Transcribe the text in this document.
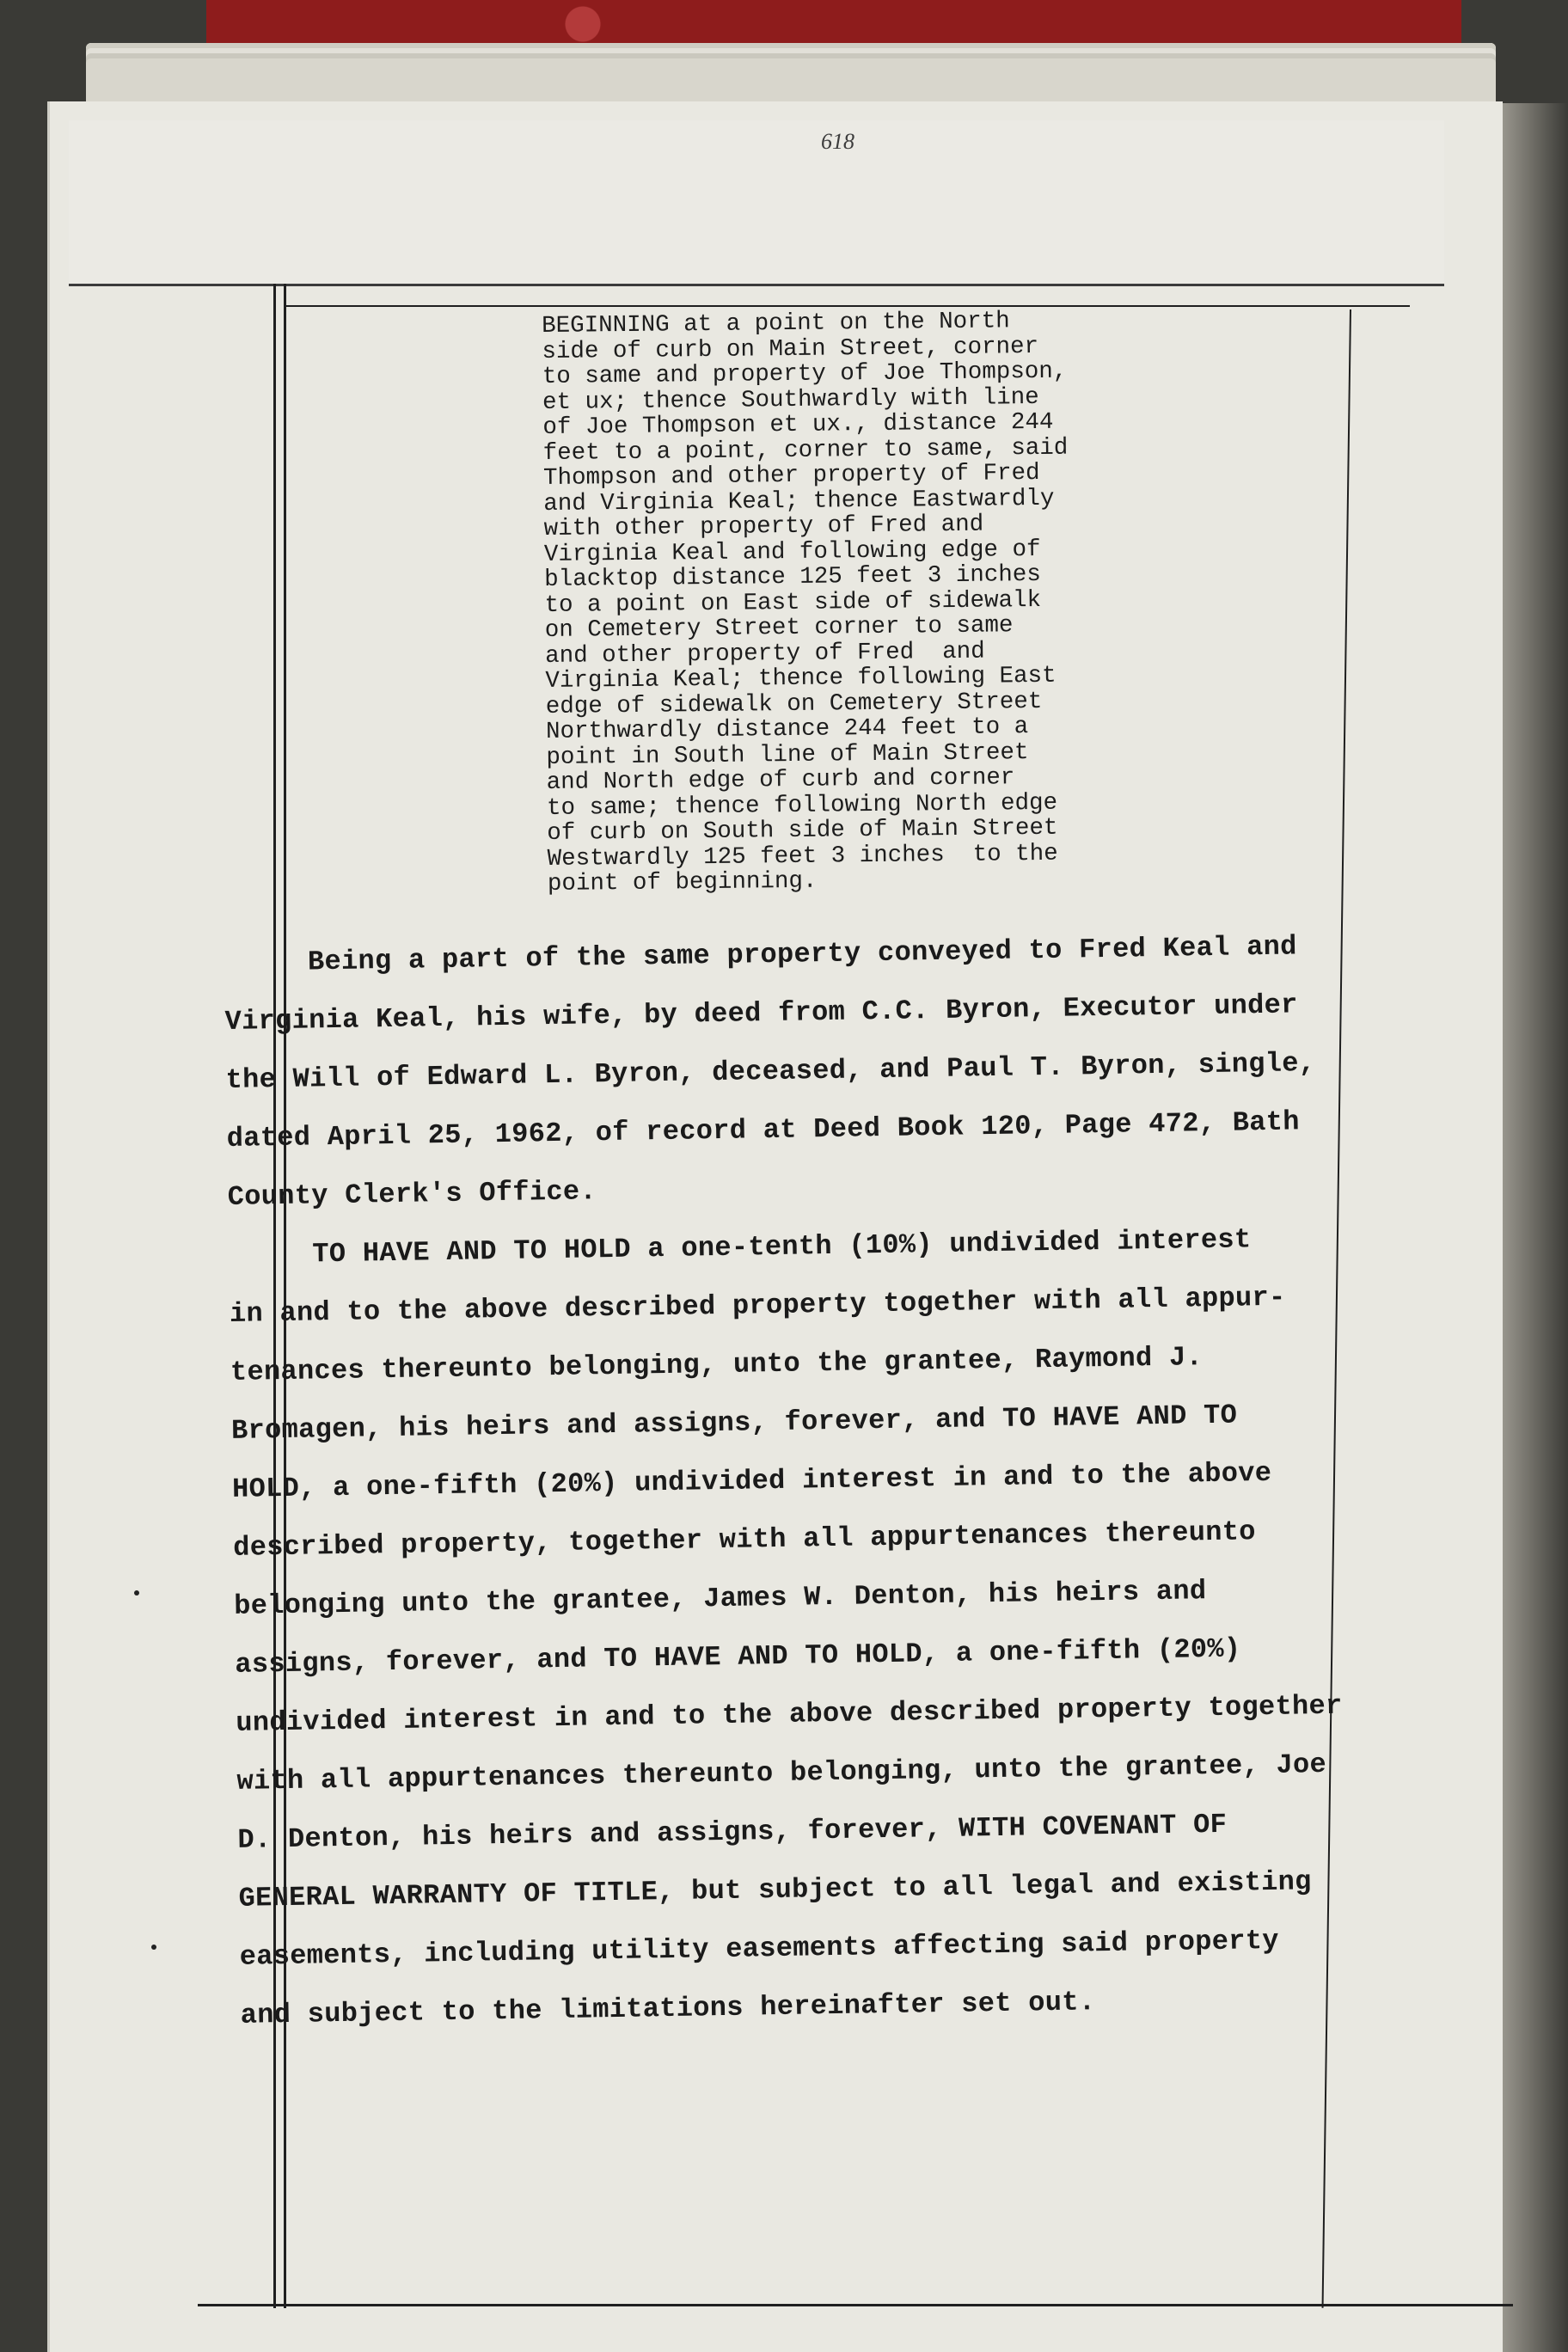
618
BEGINNING at a point on the North
side of curb on Main Street, corner
to same and property of Joe Thompson,
et ux; thence Southwardly with line
of Joe Thompson et ux., distance 244
feet to a point, corner to same, said
Thompson and other property of Fred
and Virginia Keal; thence Eastwardly
with other property of Fred and
Virginia Keal and following edge of
blacktop distance 125 feet 3 inches
to a point on East side of sidewalk
on Cemetery Street corner to same
and other property of Fred  and
Virginia Keal; thence following East
edge of sidewalk on Cemetery Street
Northwardly distance 244 feet to a
point in South line of Main Street
and North edge of curb and corner
to same; thence following North edge
of curb on South side of Main Street
Westwardly 125 feet 3 inches  to the
point of beginning.
Being a part of the same property conveyed to Fred Keal and
Virginia Keal, his wife, by deed from C.C. Byron, Executor under
the Will of Edward L. Byron, deceased, and Paul T. Byron, single,
dated April 25, 1962, of record at Deed Book 120, Page 472, Bath
County Clerk's Office.
TO HAVE AND TO HOLD a one-tenth (10%) undivided interest
in and to the above described property together with all appur-
tenances thereunto belonging, unto the grantee, Raymond J.
Bromagen, his heirs and assigns, forever, and TO HAVE AND TO
HOLD, a one-fifth (20%) undivided interest in and to the above
described property, together with all appurtenances thereunto
belonging unto the grantee, James W. Denton, his heirs and
assigns, forever, and TO HAVE AND TO HOLD, a one-fifth (20%)
undivided interest in and to the above described property together
with all appurtenances thereunto belonging, unto the grantee, Joe
D. Denton, his heirs and assigns, forever, WITH COVENANT OF
GENERAL WARRANTY OF TITLE, but subject to all legal and existing
easements, including utility easements affecting said property
and subject to the limitations hereinafter set out.
